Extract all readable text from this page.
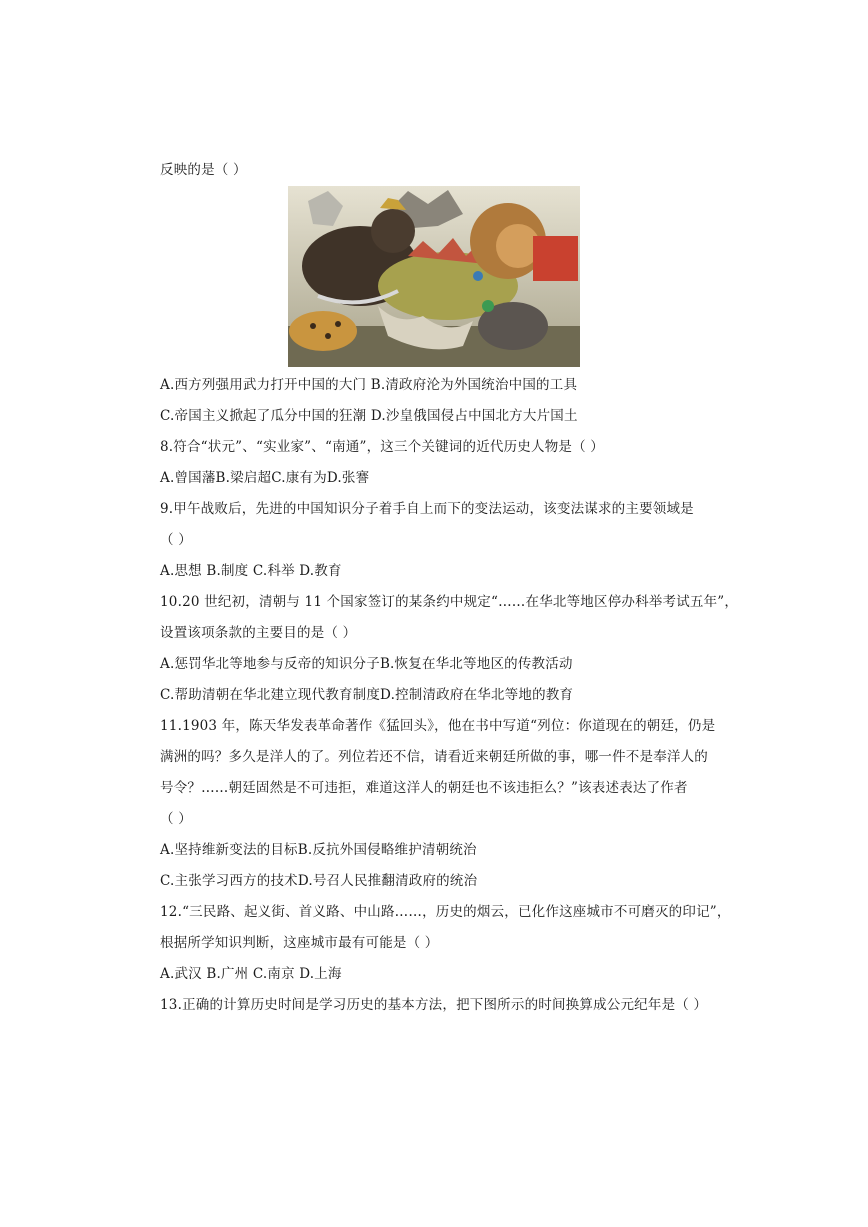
反映的是（ ）
A.西方列强用武力打开中国的大门 B.清政府沦为外国统治中国的工具
C.帝国主义掀起了瓜分中国的狂潮 D.沙皇俄国侵占中国北方大片国土
8.符合“状元”、“实业家”、“南通”，这三个关键词的近代历史人物是（ ）
A.曾国藩B.梁启超C.康有为D.张謇
9.甲午战败后，先进的中国知识分子着手自上而下的变法运动，该变法谋求的主要领域是
（ ）
A.思想 B.制度 C.科举 D.教育
10.20 世纪初，清朝与 11 个国家签订的某条约中规定“……在华北等地区停办科举考试五年”，
设置该项条款的主要目的是（ ）
A.惩罚华北等地参与反帝的知识分子B.恢复在华北等地区的传教活动
C.帮助清朝在华北建立现代教育制度D.控制清政府在华北等地的教育
11.1903 年，陈天华发表革命著作《猛回头》，他在书中写道“列位：你道现在的朝廷，仍是
满洲的吗？多久是洋人的了。列位若还不信，请看近来朝廷所做的事，哪一件不是奉洋人的
号令？……朝廷固然是不可违拒，难道这洋人的朝廷也不该违拒么？”该表述表达了作者
（ ）
A.坚持维新变法的目标B.反抗外国侵略维护清朝统治
C.主张学习西方的技术D.号召人民推翻清政府的统治
12.“三民路、起义街、首义路、中山路……，历史的烟云，已化作这座城市不可磨灭的印记”，
根据所学知识判断，这座城市最有可能是（ ）
A.武汉 B.广州 C.南京 D.上海
13.正确的计算历史时间是学习历史的基本方法，把下图所示的时间换算成公元纪年是（ ）
